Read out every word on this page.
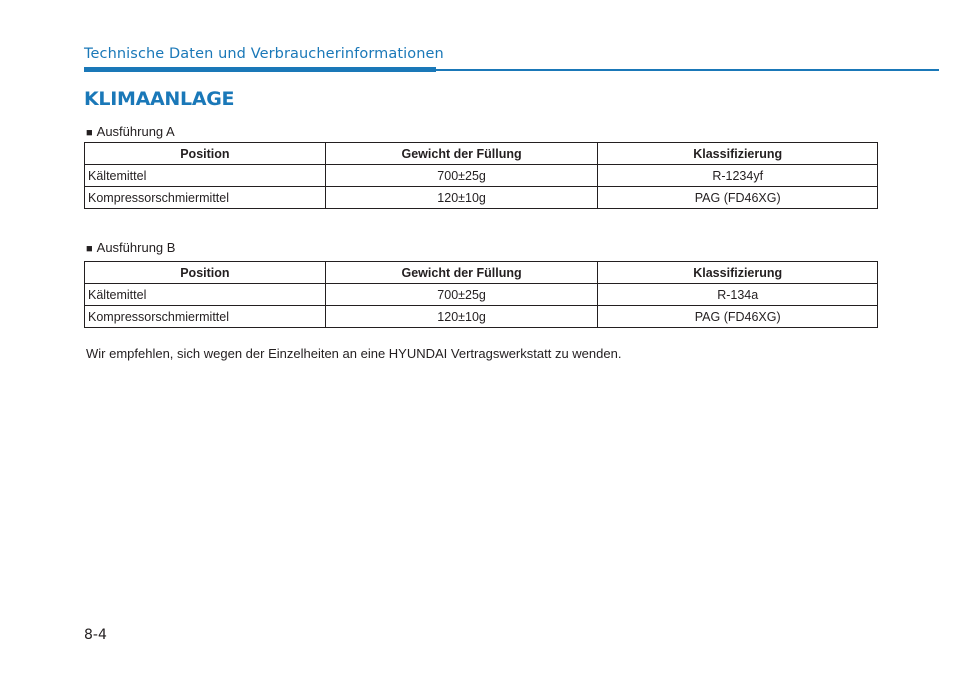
Technische Daten und Verbraucherinformationen
KLIMAANLAGE
■ Ausführung A
Position	Gewicht der Füllung	Klassifizierung
Kältemittel	700±25g	R-1234yf
Kompressorschmiermittel	120±10g	PAG (FD46XG)
■ Ausführung B
Position	Gewicht der Füllung	Klassifizierung
Kältemittel	700±25g	R-134a
Kompressorschmiermittel	120±10g	PAG (FD46XG)
Wir empfehlen, sich wegen der Einzelheiten an eine HYUNDAI Vertragswerkstatt zu wenden.
8-4
